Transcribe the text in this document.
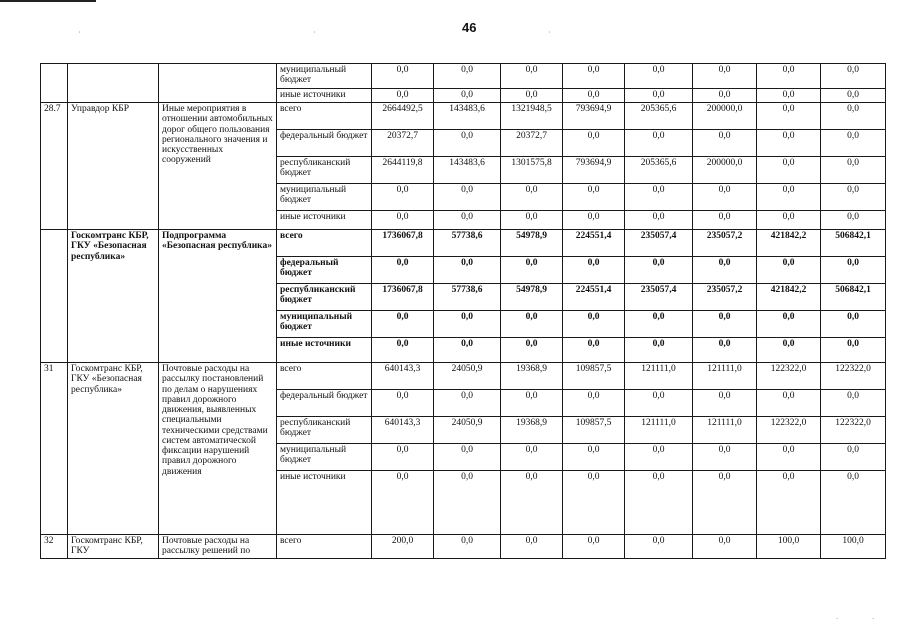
46
·	·	·
			муниципальный бюджет	0,0	0,0	0,0	0,0	0,0	0,0	0,0	0,0
			иные источники	0,0	0,0	0,0	0,0	0,0	0,0	0,0	0,0
28.7	Управдор КБР	Иные мероприятия в отношении автомобильных дорог общего пользования регионального значения и искусственных сооружений	всего	2664492,5	143483,6	1321948,5	793694,9	205365,6	200000,0	0,0	0,0
			федеральный бюджет	20372,7	0,0	20372,7	0,0	0,0	0,0	0,0	0,0
			республиканский бюджет	2644119,8	143483,6	1301575,8	793694,9	205365,6	200000,0	0,0	0,0
			муниципальный бюджет	0,0	0,0	0,0	0,0	0,0	0,0	0,0	0,0
			иные источники	0,0	0,0	0,0	0,0	0,0	0,0	0,0	0,0
	Госкомтранс КБР, ГКУ «Безопасная республика»	Подпрограмма «Безопасная республика»	всего	1736067,8	57738,6	54978,9	224551,4	235057,4	235057,2	421842,2	506842,1
			федеральный бюджет	0,0	0,0	0,0	0,0	0,0	0,0	0,0	0,0
			республиканский бюджет	1736067,8	57738,6	54978,9	224551,4	235057,4	235057,2	421842,2	506842,1
			муниципальный бюджет	0,0	0,0	0,0	0,0	0,0	0,0	0,0	0,0
			иные источники	0,0	0,0	0,0	0,0	0,0	0,0	0,0	0,0
31	Госкомтранс КБР, ГКУ «Безопасная республика»	Почтовые расходы на рассылку постановлений по делам о нарушениях правил дорожного движения, выявленных специальными техническими средствами систем автоматической фиксации нарушений правил дорожного движения	всего	640143,3	24050,9	19368,9	109857,5	121111,0	121111,0	122322,0	122322,0
			федеральный бюджет	0,0	0,0	0,0	0,0	0,0	0,0	0,0	0,0
			республиканский бюджет	640143,3	24050,9	19368,9	109857,5	121111,0	121111,0	122322,0	122322,0
			муниципальный бюджет	0,0	0,0	0,0	0,0	0,0	0,0	0,0	0,0
			иные источники	0,0	0,0	0,0	0,0	0,0	0,0	0,0	0,0
32	Госкомтранс КБР, ГКУ	Почтовые расходы на рассылку решений по	всего	200,0	0,0	0,0	0,0	0,0	0,0	100,0	100,0
·	·
